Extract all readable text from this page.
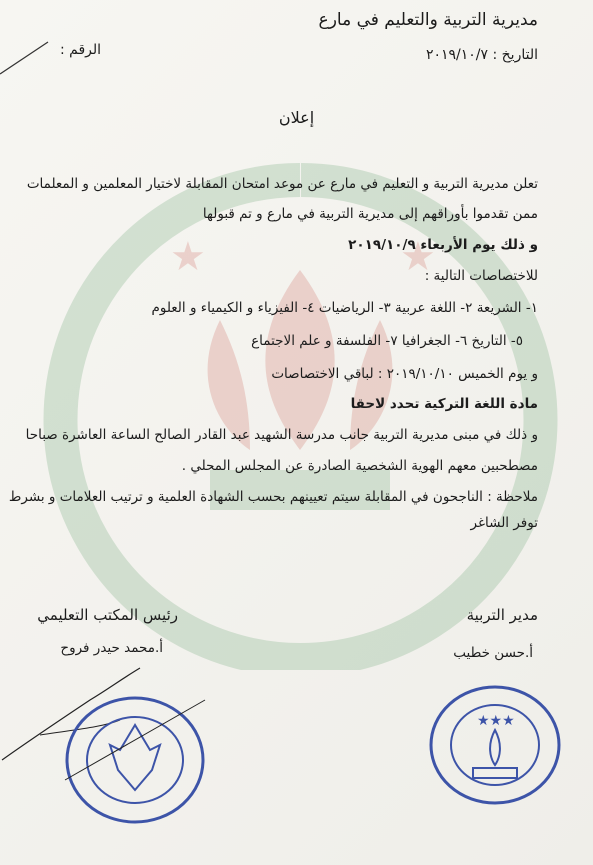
★	★
مديرية التربية والتعليم في مارع
التاريخ : ٢٠١٩/١٠/٧
الرقم :
إعلان
تعلن مديرية التربية و التعليم في مارع عن موعد امتحان المقابلة لاختيار المعلمين و المعلمات
ممن تقدموا بأوراقهم إلى مديرية التربية في مارع و تم قبولها
و ذلك يوم الأربعاء ٢٠١٩/١٠/٩
للاختصاصات التالية :
١- الشريعة ٢- اللغة عربية ٣- الرياضيات ٤- الفيزياء و الكيمياء و العلوم
٥- التاريخ ٦- الجغرافيا ٧- الفلسفة و علم الاجتماع
و يوم الخميس ٢٠١٩/١٠/١٠ : لباقي الاختصاصات
مادة اللغة التركية تحدد لاحقا
و ذلك في مبنى مديرية التربية جانب مدرسة الشهيد عبد القادر الصالح الساعة العاشرة صباحا
مصطحبين معهم الهوية الشخصية الصادرة عن المجلس المحلي .
ملاحظة : الناجحون في المقابلة سيتم تعيينهم بحسب الشهادة العلمية و ترتيب العلامات و بشرط
توفر الشاغر
مدير التربية
أ.حسن خطيب
رئيس المكتب التعليمي
أ.محمد حيدر فروح
★★★
